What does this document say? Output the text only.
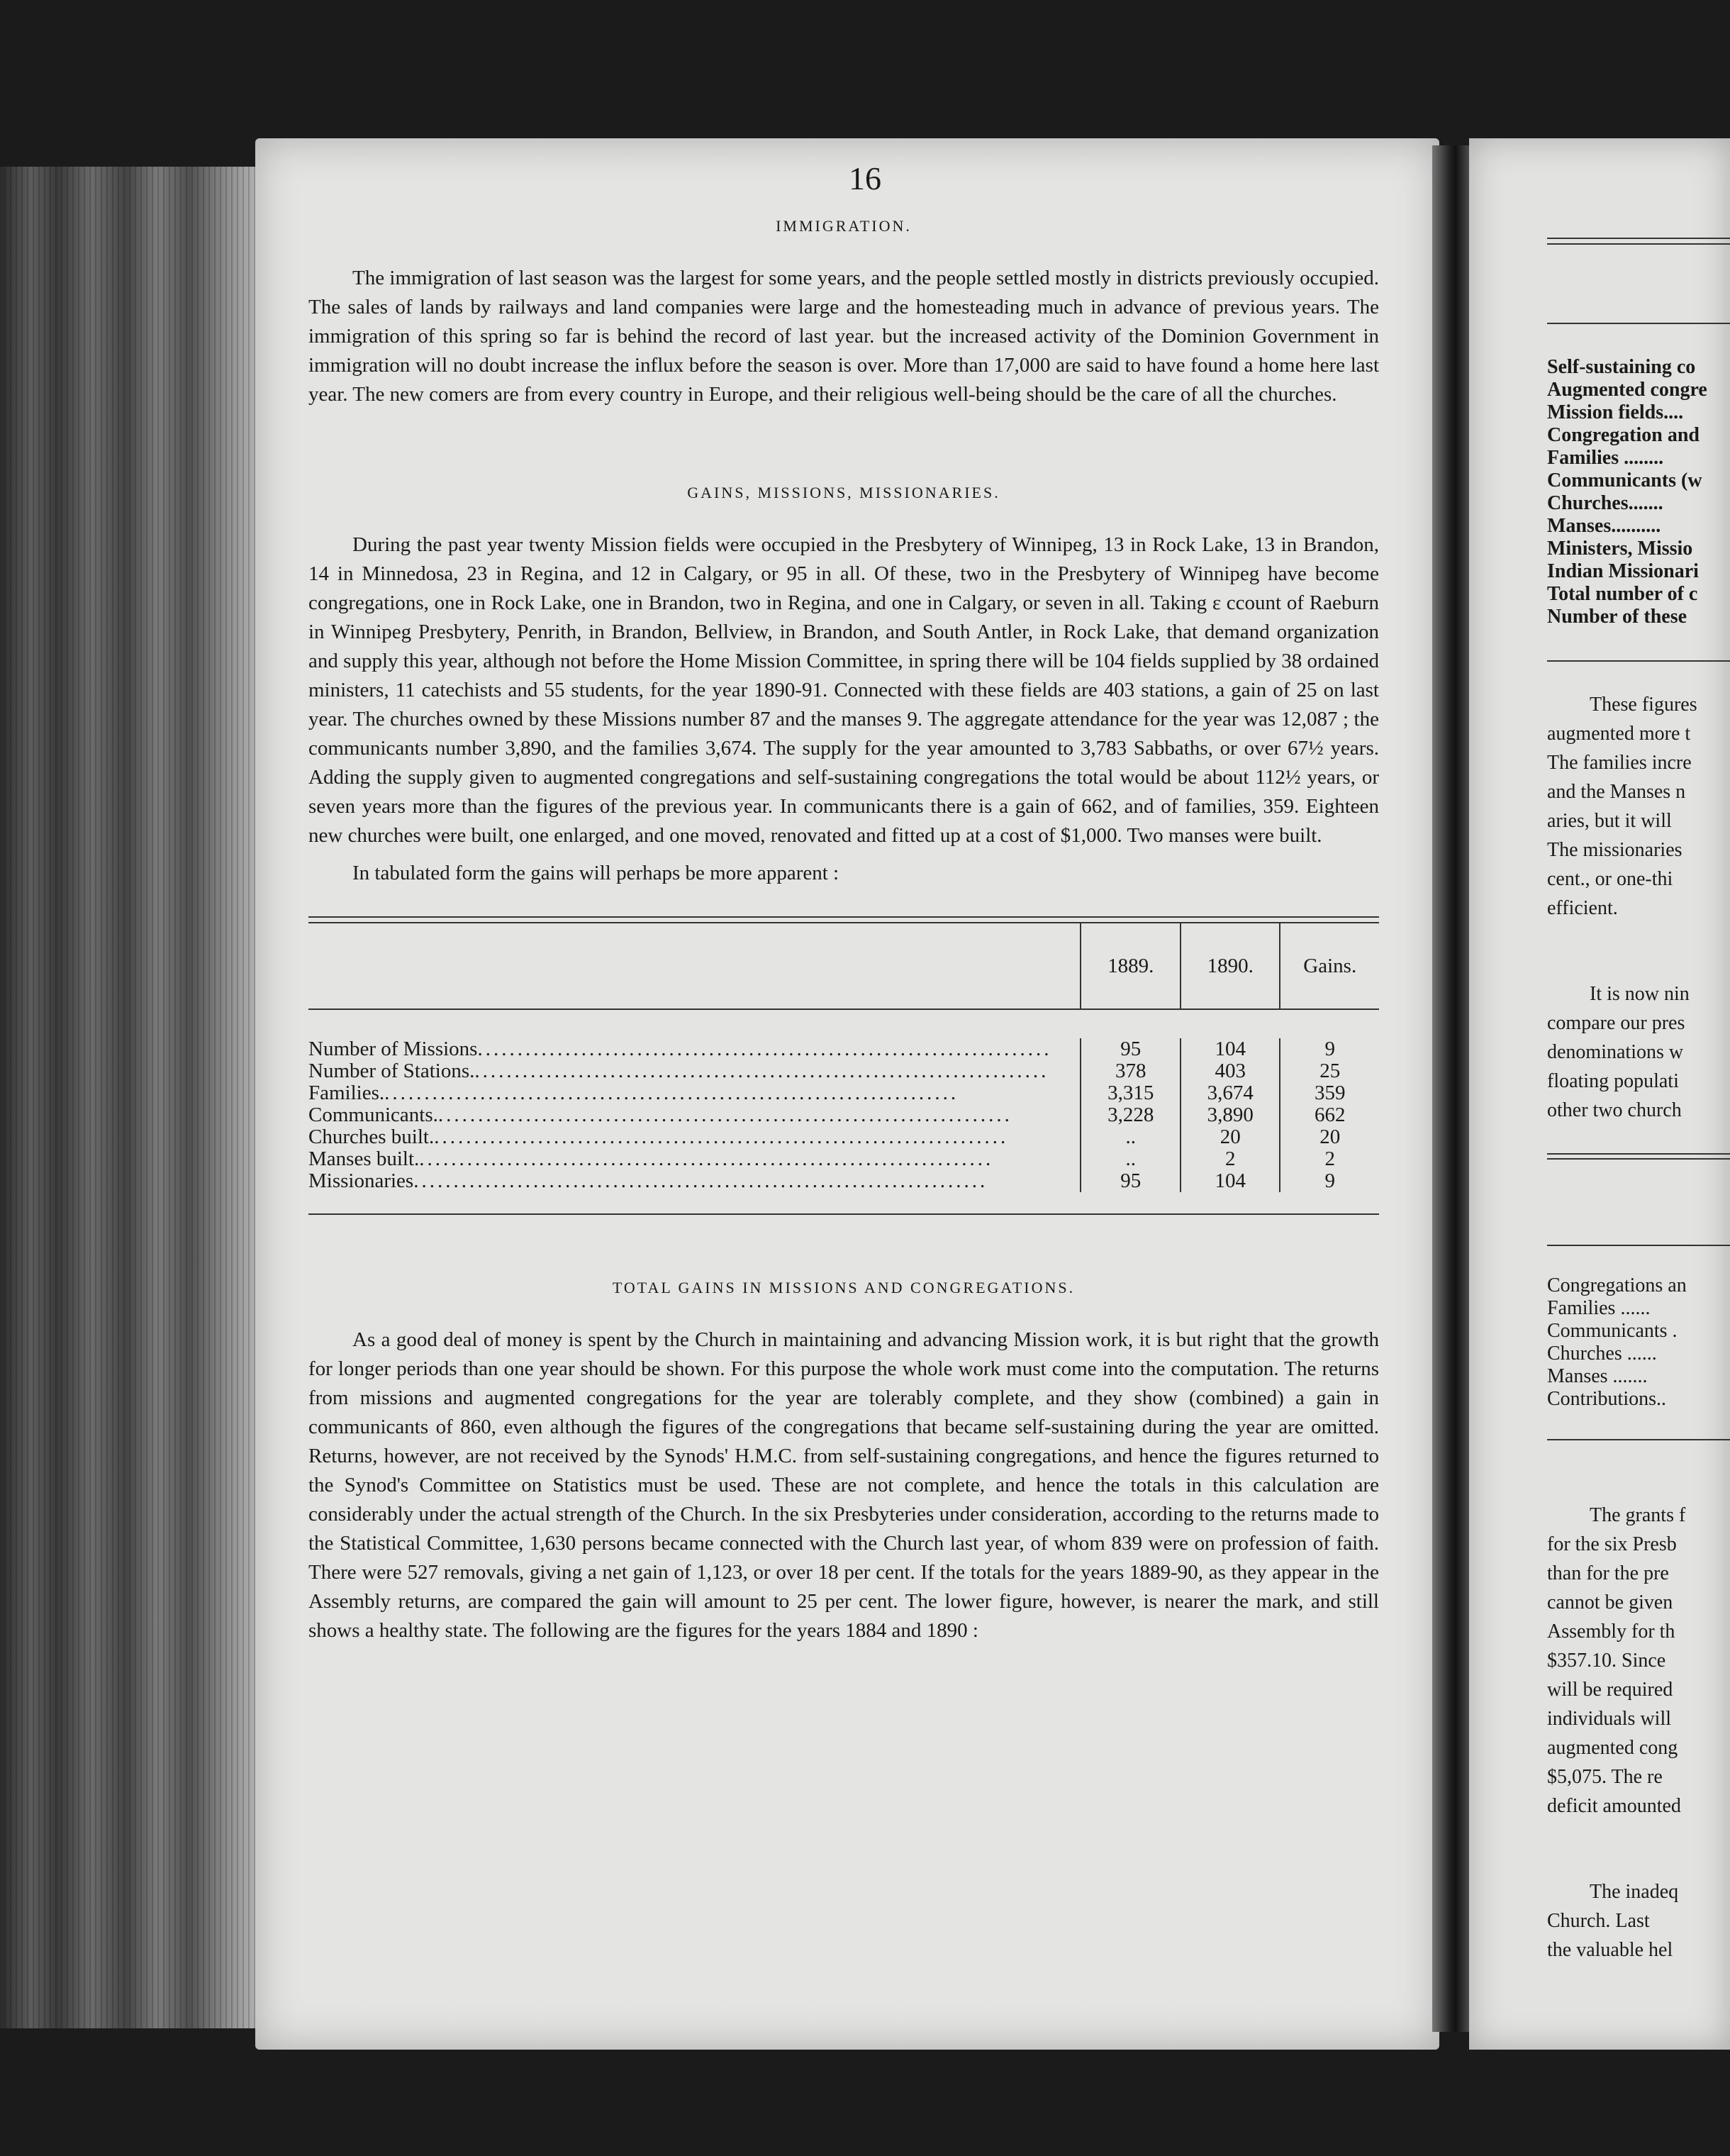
16
IMMIGRATION.

The immigration of last season was the largest for some years, and the people settled mostly in districts previously occupied. The sales of lands by railways and land companies were large and the homesteading much in advance of previous years. The immigration of this spring so far is behind the record of last year. but the increased activity of the Dominion Government in immigration will no doubt increase the influx before the season is over. More than 17,000 are said to have found a home here last year. The new comers are from every country in Europe, and their religious well-being should be the care of all the churches.

GAINS, MISSIONS, MISSIONARIES.

During the past year twenty Mission fields were occupied in the Presbytery of Winnipeg, 13 in Rock Lake, 13 in Brandon, 14 in Minnedosa, 23 in Regina, and 12 in Calgary, or 95 in all. Of these, two in the Presbytery of Winnipeg have become congregations, one in Rock Lake, one in Brandon, two in Regina, and one in Calgary, or seven in all. Taking ε ccount of Raeburn in Winnipeg Presbytery, Penrith, in Brandon, Bellview, in Brandon, and South Antler, in Rock Lake, that demand organization and supply this year, although not before the Home Mission Committee, in spring there will be 104 fields supplied by 38 ordained ministers, 11 catechists and 55 students, for the year 1890-91. Connected with these fields are 403 stations, a gain of 25 on last year. The churches owned by these Missions number 87 and the manses 9. The aggregate attendance for the year was 12,087 ; the communicants number 3,890, and the families 3,674. The supply for the year amounted to 3,783 Sabbaths, or over 67½ years. Adding the supply given to augmented congregations and self-sustaining congregations the total would be about 112½ years, or seven years more than the figures of the previous year. In communicants there is a gain of 662, and of families, 359. Eighteen new churches were built, one enlarged, and one moved, renovated and fitted up at a cost of $1,000. Two manses were built.

In tabulated form the gains will perhaps be more apparent :

1889.	1890.	Gains.
Number of Missions ........................................................................
Number of Stations. ........................................................................
Families. ........................................................................
Communicants. ........................................................................
Churches built. ........................................................................
Manses built. ........................................................................
Missionaries ........................................................................
95
378
3,315
3,228
..
..
95
104
403
3,674
3,890
20
2
104
9
25
359
662
20
2
9
TOTAL GAINS IN MISSIONS AND CONGREGATIONS.

As a good deal of money is spent by the Church in maintaining and advancing Mission work, it is but right that the growth for longer periods than one year should be shown. For this purpose the whole work must come into the computation. The returns from missions and augmented congregations for the year are tolerably complete, and they show (combined) a gain in communicants of 860, even although the figures of the congregations that became self-sustaining during the year are omitted. Returns, however, are not received by the Synods' H.M.C. from self-sustaining congregations, and hence the figures returned to the Synod's Committee on Statistics must be used. These are not complete, and hence the totals in this calculation are considerably under the actual strength of the Church. In the six Presbyteries under consideration, according to the returns made to the Statistical Committee, 1,630 persons became connected with the Church last year, of whom 839 were on profession of faith. There were 527 removals, giving a net gain of 1,123, or over 18 per cent. If the totals for the years 1889-90, as they appear in the Assembly returns, are compared the gain will amount to 25 per cent. The lower figure, however, is nearer the mark, and still shows a healthy state. The following are the figures for the years 1884 and 1890 :

Self-sustaining co
Augmented congre
Mission fields....
Congregation and
Families ........
Communicants (w
Churches.......
Manses..........
Ministers, Missio
Indian Missionari
Total number of c
Number of these
These figures
augmented more t
The families incre
and the Manses n
aries, but it will
The missionaries
cent., or one-thi
efficient.
It is now nin
compare our pres
denominations w
floating populati
other two church
Congregations an
Families ......
Communicants .
Churches ......
Manses .......
Contributions..
The grants f
for the six Presb
than for the pre
cannot be given
Assembly for th
$357.10. Since
will be required
individuals will
augmented cong
$5,075. The re
deficit amounted
The inadeq
Church. Last
the valuable hel
